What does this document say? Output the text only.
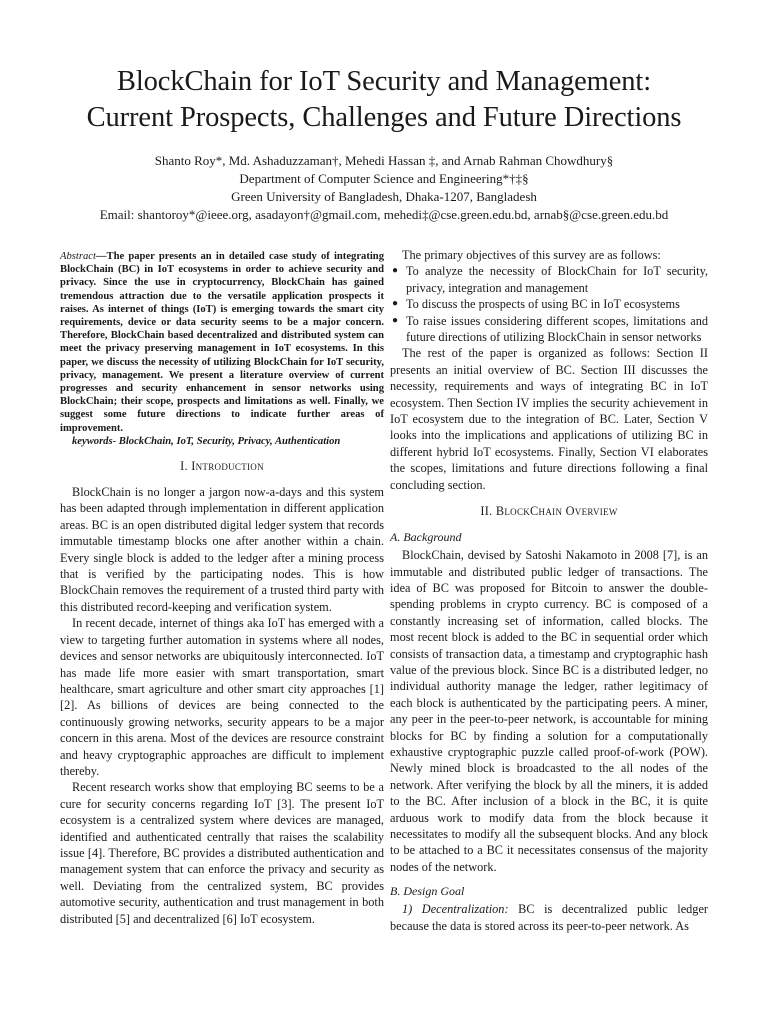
BlockChain for IoT Security and Management:
Current Prospects, Challenges and Future Directions
Shanto Roy*, Md. Ashaduzzaman†, Mehedi Hassan ‡, and Arnab Rahman Chowdhury§
Department of Computer Science and Engineering*†‡§
Green University of Bangladesh, Dhaka-1207, Bangladesh
Email: shantoroy*@ieee.org, asadayon†@gmail.com, mehedi‡@cse.green.edu.bd, arnab§@cse.green.edu.bd

Abstract—The paper presents an in detailed case study of integrating BlockChain (BC) in IoT ecosystems in order to achieve security and privacy. Since the use in cryptocurrency, BlockChain has gained tremendous attraction due to the versatile application prospects it raises. As internet of things (IoT) is emerging towards the smart city requirements, device or data security seems to be a major concern. Therefore, BlockChain based decentralized and distributed system can meet the privacy preserving management in IoT ecosystems. In this paper, we discuss the necessity of utilizing BlockChain for IoT security, privacy, management. We present a literature overview of current progresses and security enhancement in sensor networks using BlockChain; their scope, prospects and limitations as well. Finally, we suggest some future directions to indicate further areas of improvement.

keywords- BlockChain, IoT, Security, Privacy, Authentication

I. Introduction

BlockChain is no longer a jargon now-a-days and this system has been adapted through implementation in different application areas. BC is an open distributed digital ledger system that records immutable timestamp blocks one after another within a chain. Every single block is added to the ledger after a mining process that is verified by the participating nodes. This is how BlockChain removes the requirement of a trusted third party with this distributed record-keeping and verification system.

In recent decade, internet of things aka IoT has emerged with a view to targeting further automation in systems where all nodes, devices and sensor networks are ubiquitously interconnected. IoT has made life more easier with smart transportation, smart healthcare, smart agriculture and other smart city approaches [1] [2]. As billions of devices are being connected to the continuously growing networks, security appears to be a major concern in this arena. Most of the devices are resource constraint and heavy cryptographic approaches are difficult to implement thereby.

Recent research works show that employing BC seems to be a cure for security concerns regarding IoT [3]. The present IoT ecosystem is a centralized system where devices are managed, identified and authenticated centrally that raises the scalability issue [4]. Therefore, BC provides a distributed authentication and management system that can enforce the privacy and security as well. Deviating from the centralized system, BC provides automotive security, authentication and trust management in both distributed [5] and decentralized [6] IoT ecosystem.

The primary objectives of this survey are as follows:

● To analyze the necessity of BlockChain for IoT security, privacy, integration and management
● To discuss the prospects of using BC in IoT ecosystems
● To raise issues considering different scopes, limitations and future directions of utilizing BlockChain in sensor networks

The rest of the paper is organized as follows: Section II presents an initial overview of BC. Section III discusses the necessity, requirements and ways of integrating BC in IoT ecosystem. Then Section IV implies the security achievement in IoT ecosystem due to the integration of BC. Later, Section V looks into the implications and applications of utilizing BC in different hybrid IoT ecosystems. Finally, Section VI elaborates the scopes, limitations and future directions following a final concluding section.

II. BlockChain Overview
A. Background

BlockChain, devised by Satoshi Nakamoto in 2008 [7], is an immutable and distributed public ledger of transactions. The idea of BC was proposed for Bitcoin to answer the double-spending problems in crypto currency. BC is composed of a constantly increasing set of information, called blocks. The most recent block is added to the BC in sequential order which consists of transaction data, a timestamp and cryptographic hash value of the previous block. Since BC is a distributed ledger, no individual authority manage the ledger, rather legitimacy of each block is authenticated by the participating peers. A miner, any peer in the peer-to-peer network, is accountable for mining blocks for BC by finding a solution for a computationally exhaustive cryptographic puzzle called proof-of-work (POW). Newly mined block is broadcasted to the all nodes of the network. After verifying the block by all the miners, it is added to the BC. After inclusion of a block in the BC, it is quite arduous work to modify data from the block because it necessitates to modify all the subsequent blocks. And any block to be attached to a BC it necessitates consensus of the majority nodes of the network.

B. Design Goal

1) Decentralization: BC is decentralized public ledger because the data is stored across its peer-to-peer network. As
